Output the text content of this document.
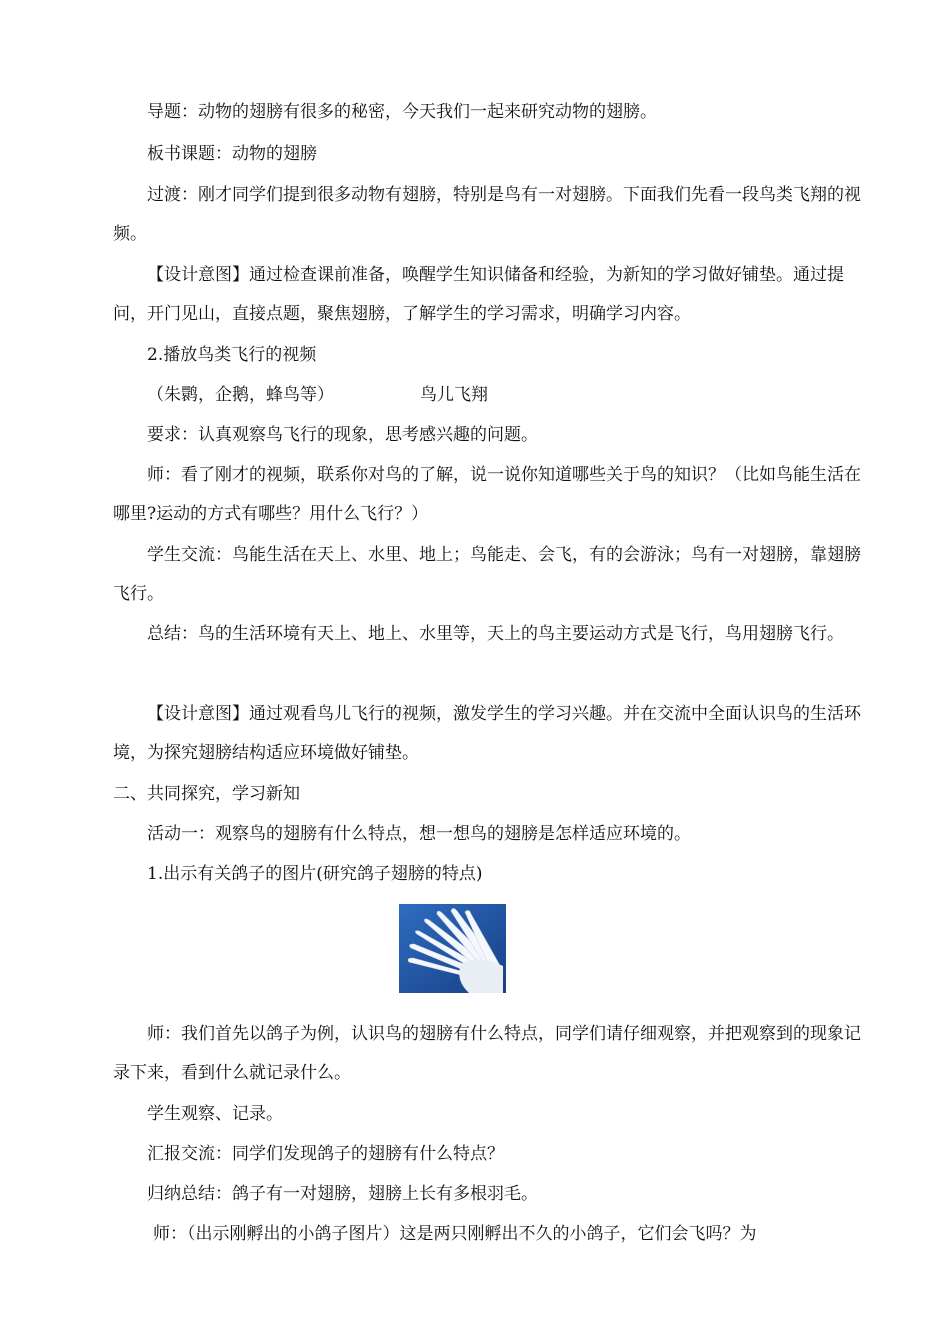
导题：动物的翅膀有很多的秘密，今天我们一起来研究动物的翅膀。

板书课题：动物的翅膀

过渡：刚才同学们提到很多动物有翅膀，特别是鸟有一对翅膀。下面我们先看一段鸟类飞翔的视频。

【设计意图】通过检查课前准备，唤醒学生知识储备和经验，为新知的学习做好铺垫。通过提问，开门见山，直接点题，聚焦翅膀，了解学生的学习需求，明确学习内容。

2.播放鸟类飞行的视频

（朱鹮，企鹅，蜂鸟等）	鸟儿飞翔

要求：认真观察鸟飞行的现象，思考感兴趣的问题。

师：看了刚才的视频，联系你对鸟的了解，说一说你知道哪些关于鸟的知识？（比如鸟能生活在哪里?运动的方式有哪些？用什么飞行？）

学生交流：鸟能生活在天上、水里、地上；鸟能走、会飞，有的会游泳；鸟有一对翅膀，靠翅膀飞行。

总结：鸟的生活环境有天上、地上、水里等，天上的鸟主要运动方式是飞行，鸟用翅膀飞行。

【设计意图】通过观看鸟儿飞行的视频，激发学生的学习兴趣。并在交流中全面认识鸟的生活环境，为探究翅膀结构适应环境做好铺垫。

二、共同探究，学习新知

活动一：观察鸟的翅膀有什么特点，想一想鸟的翅膀是怎样适应环境的。

1.出示有关鸽子的图片(研究鸽子翅膀的特点)

师：我们首先以鸽子为例，认识鸟的翅膀有什么特点，同学们请仔细观察，并把观察到的现象记录下来，看到什么就记录什么。

学生观察、记录。

汇报交流：同学们发现鸽子的翅膀有什么特点？

归纳总结：鸽子有一对翅膀，翅膀上长有多根羽毛。

师：（出示刚孵出的小鸽子图片）这是两只刚孵出不久的小鸽子，它们会飞吗？为
